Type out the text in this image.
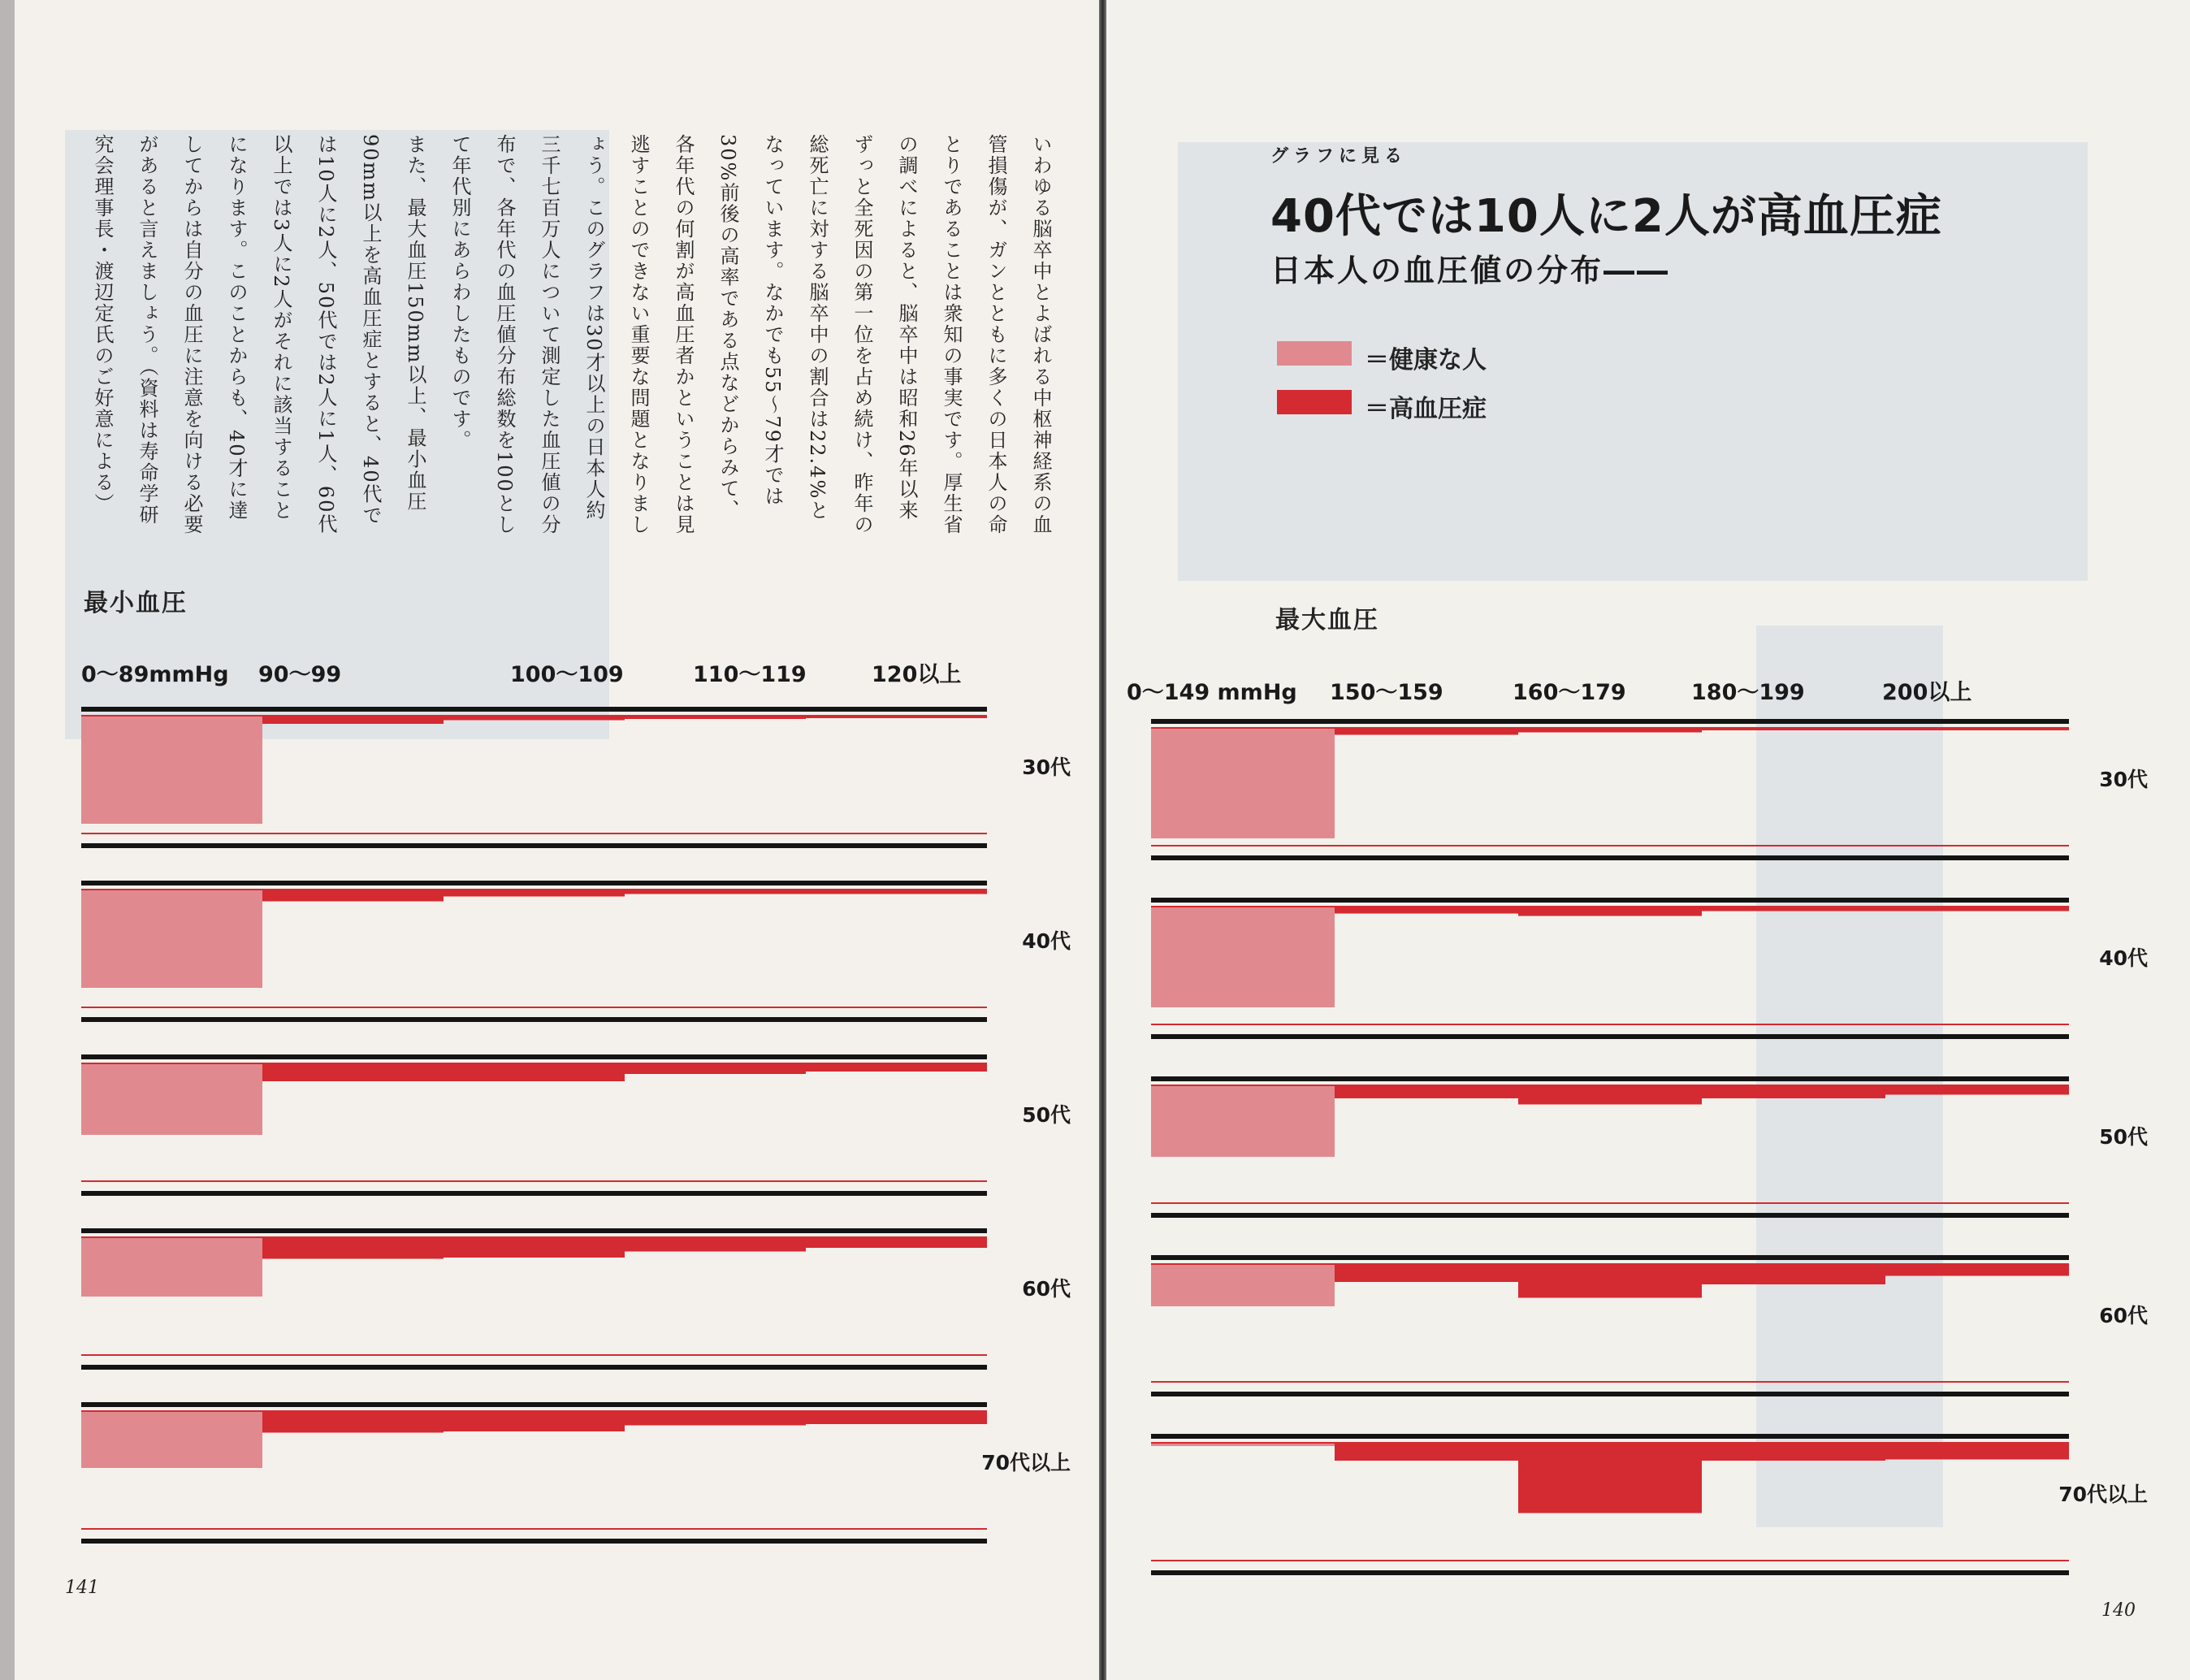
いわゆる脳卒中とよばれる中枢神経系の血管損傷が、ガンとともに多くの日本人の命とりであることは衆知の事実です。厚生省の調べによると、脳卒中は昭和26年以来ずっと全死因の第一位を占め続け、昨年の総死亡に対する脳卒中の割合は22.4%となっています。なかでも55～79才では30%前後の高率である点などからみて、各年代の何割が高血圧者かということは見逃すことのできない重要な問題となりましょう。このグラフは30才以上の日本人約三千七百万人について測定した血圧値の分布で、各年代の血圧値分布総数を100として年代別にあらわしたものです。

また、最大血圧150mm以上、最小血圧90mm以上を高血圧症とすると、40代では10人に2人、50代では2人に1人、60代以上では3人に2人がそれに該当することになります。このことからも、40才に達してからは自分の血圧に注意を向ける必要があると言えましょう。（資料は寿命学研究会理事長・渡辺定氏のご好意による）

最小血圧
0～89mmHg 90～99	100～109	110～119	120以上
30代
40代
50代
60代
70代以上
141
グラフに見る
40代では10人に2人が高血圧症
日本人の血圧値の分布――
＝健康な人
＝高血圧症
最大血圧
0～149 mmHg 150～159	160～179	180～199	200以上
30代
40代
50代
60代
70代以上
140
